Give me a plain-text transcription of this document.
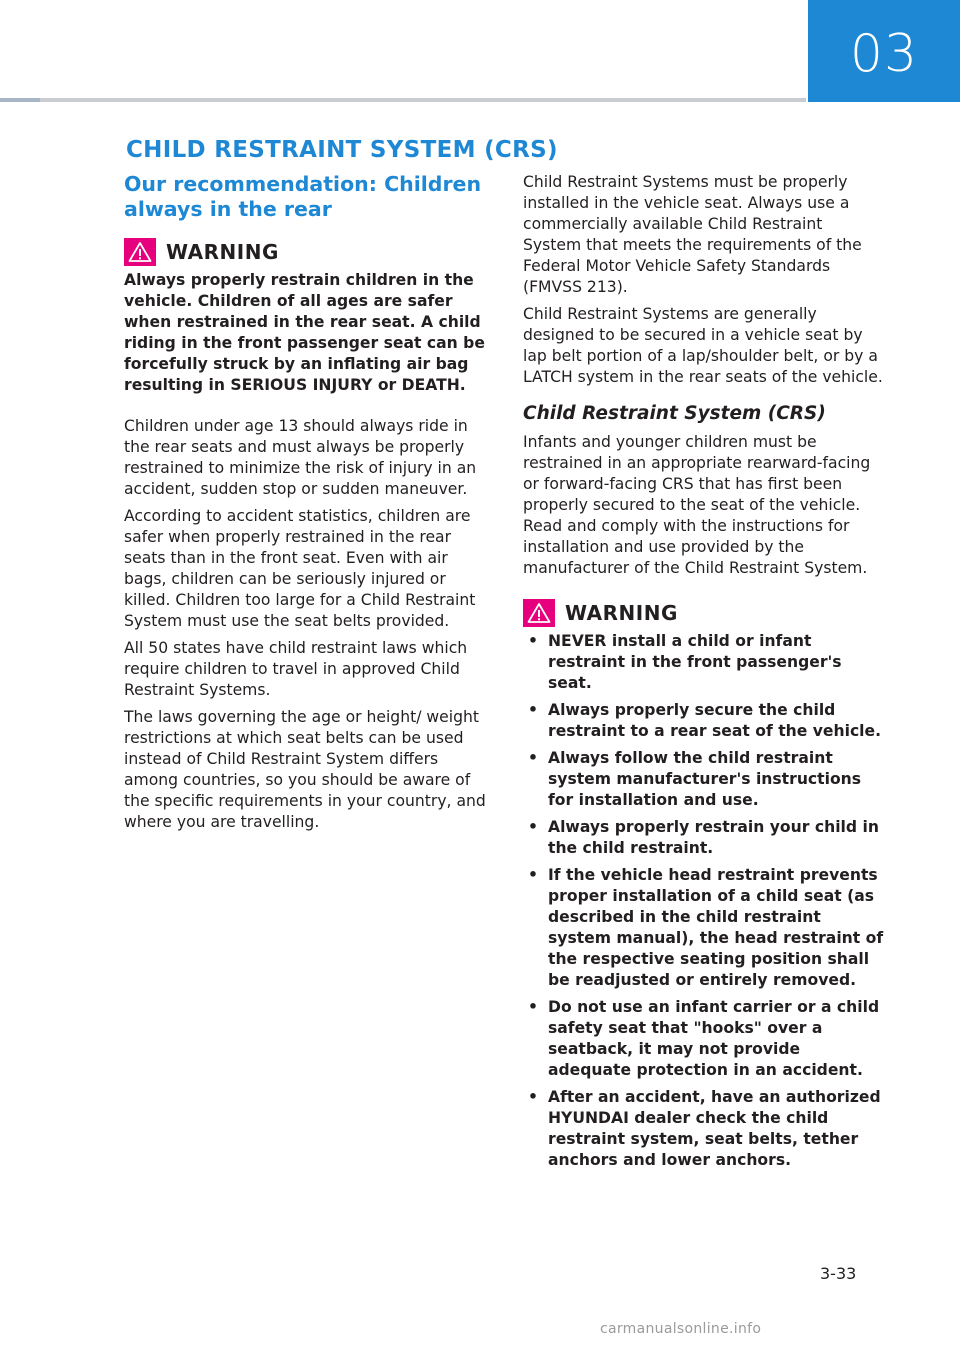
03
CHILD RESTRAINT SYSTEM (CRS)
Our recommendation: Children always in the rear
WARNING

Always properly restrain children in the vehicle. Children of all ages are safer when restrained in the rear seat. A child riding in the front passenger seat can be forcefully struck by an inflating air bag resulting in SERIOUS INJURY or DEATH.

Children under age 13 should always ride in the rear seats and must always be properly restrained to minimize the risk of injury in an accident, sudden stop or sudden maneuver.

According to accident statistics, children are safer when properly restrained in the rear seats than in the front seat. Even with air bags, children can be seriously injured or killed. Children too large for a Child Restraint System must use the seat belts provided.

All 50 states have child restraint laws which require children to travel in approved Child Restraint Systems.

The laws governing the age or height/ weight restrictions at which seat belts can be used instead of Child Restraint System differs among countries, so you should be aware of the specific requirements in your country, and where you are travelling.

Child Restraint Systems must be properly installed in the vehicle seat. Always use a commercially available Child Restraint System that meets the requirements of the Federal Motor Vehicle Safety Standards (FMVSS 213).

Child Restraint Systems are generally designed to be secured in a vehicle seat by lap belt portion of a lap/shoulder belt, or by a LATCH system in the rear seats of the vehicle.

Child Restraint System (CRS)

Infants and younger children must be restrained in an appropriate rearward-facing or forward-facing CRS that has first been properly secured to the seat of the vehicle. Read and comply with the instructions for installation and use provided by the manufacturer of the Child Restraint System.

WARNING
• NEVER install a child or infant restraint in the front passenger's seat.
• Always properly secure the child restraint to a rear seat of the vehicle.
• Always follow the child restraint system manufacturer's instructions for installation and use.
• Always properly restrain your child in the child restraint.
• If the vehicle head restraint prevents proper installation of a child seat (as described in the child restraint system manual), the head restraint of the respective seating position shall be readjusted or entirely removed.
• Do not use an infant carrier or a child safety seat that "hooks" over a seatback, it may not provide adequate protection in an accident.
• After an accident, have an authorized HYUNDAI dealer check the child restraint system, seat belts, tether anchors and lower anchors.
3-33
carmanualsonline.info
